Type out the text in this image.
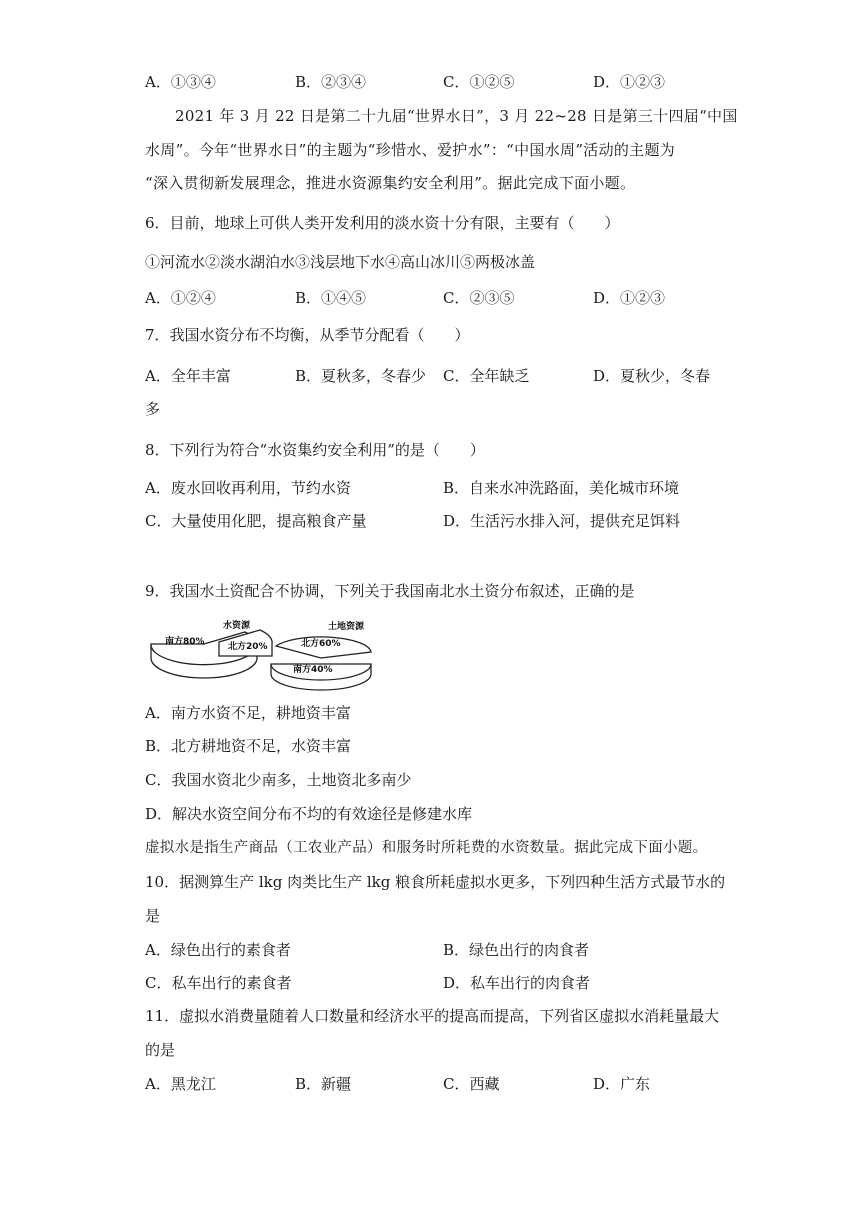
A．①③④	B．②③④	C．①②⑤	D．①②③
2021 年 3 月 22 日是第二十九届“世界水日”，3 月 22~28 日是第三十四届“中国
水周”。今年“世界水日”的主题为“珍惜水、爱护水”：“中国水周”活动的主题为
“深入贯彻新发展理念，推进水资源集约安全利用”。据此完成下面小题。
6．目前，地球上可供人类开发利用的淡水资十分有限，主要有（　　）
①河流水②淡水湖泊水③浅层地下水④高山冰川⑤两极冰盖
A．①②④	B．①④⑤	C．②③⑤	D．①②③
7．我国水资分布不均衡，从季节分配看（　　）
A．全年丰富	B．夏秋多，冬春少 C．全年缺乏	D．夏秋少，冬春
多
8．下列行为符合“水资集约安全利用”的是（　　）
A．废水回收再利用，节约水资	B．自来水冲洗路面，美化城市环境
C．大量使用化肥，提高粮食产量	D．生活污水排入河，提供充足饵料
9．我国水土资配合不协调，下列关于我国南北水土资分布叙述，正确的是
水资源
南方80%	北方20%
土地资源
北方60%
南方40%
A．南方水资不足，耕地资丰富
B．北方耕地资不足，水资丰富
C．我国水资北少南多，土地资北多南少
D．解决水资空间分布不均的有效途径是修建水库
虚拟水是指生产商品（工农业产品）和服务时所耗费的水资数量。据此完成下面小题。
10．据测算生产 lkg 肉类比生产 lkg 粮食所耗虚拟水更多，下列四种生活方式最节水的
是
A．绿色出行的素食者	B．绿色出行的肉食者
C．私车出行的素食者	D．私车出行的肉食者
11．虚拟水消费量随着人口数量和经济水平的提高而提高，下列省区虚拟水消耗量最大
的是
A．黑龙江	B．新疆	C．西藏	D．广东
